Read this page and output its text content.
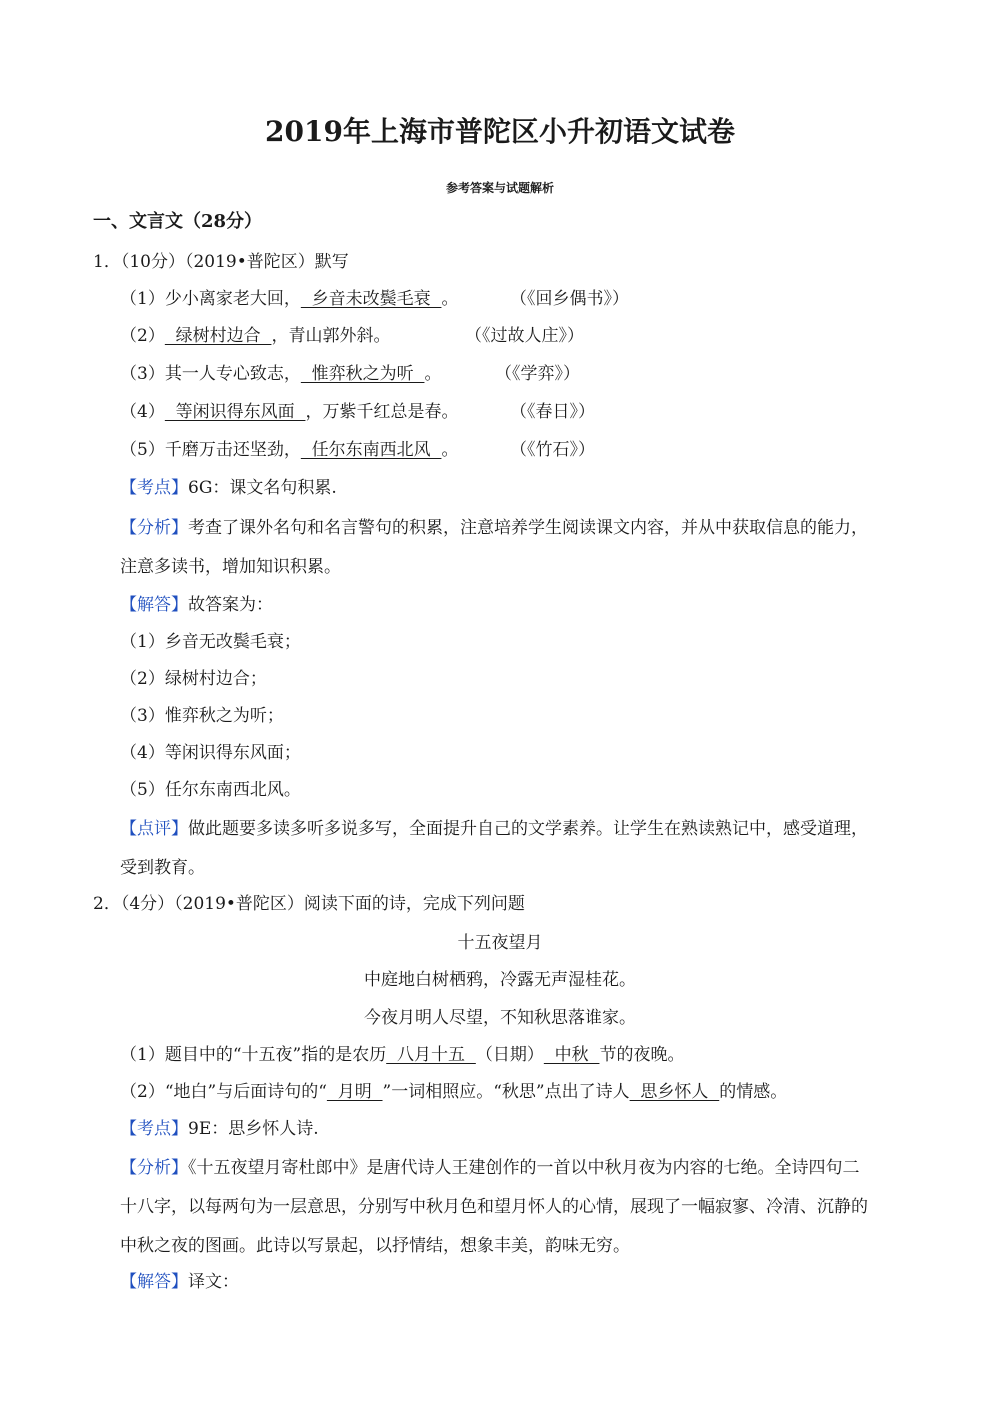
2019年上海市普陀区小升初语文试卷
参考答案与试题解析
一、文言文（28分）
1．（10分）（2019•普陀区）默写
（1）少小离家老大回，  乡音未改鬓毛衰  。	（《回乡偶书》）
（2）  绿树村边合  ，青山郭外斜。	（《过故人庄》）
（3）其一人专心致志，  惟弈秋之为听  。	（《学弈》）
（4）  等闲识得东风面  ，万紫千红总是春。	（《春日》）
（5）千磨万击还坚劲，  任尔东南西北风  。	（《竹石》）
【考点】6G：课文名句积累.
【分析】考查了课外名句和名言警句的积累，注意培养学生阅读课文内容，并从中获取信息的能力，
注意多读书，增加知识积累。
【解答】故答案为：
（1）乡音无改鬓毛衰；
（2）绿树村边合；
（3）惟弈秋之为听；
（4）等闲识得东风面；
（5）任尔东南西北风。
【点评】做此题要多读多听多说多写，全面提升自己的文学素养。让学生在熟读熟记中，感受道理，
受到教育。
2．（4分）（2019•普陀区）阅读下面的诗，完成下列问题
十五夜望月
中庭地白树栖鸦，冷露无声湿桂花。
今夜月明人尽望，不知秋思落谁家。
（1）题目中的“十五夜”指的是农历  八月十五  （日期）  中秋  节的夜晚。
（2）“地白”与后面诗句的“  月明  ”一词相照应。“秋思”点出了诗人  思乡怀人  的情感。
【考点】9E：思乡怀人诗.
【分析】《十五夜望月寄杜郎中》是唐代诗人王建创作的一首以中秋月夜为内容的七绝。全诗四句二
十八字，以每两句为一层意思，分别写中秋月色和望月怀人的心情，展现了一幅寂寥、冷清、沉静的
中秋之夜的图画。此诗以写景起，以抒情结，想象丰美，韵味无穷。
【解答】译文：
